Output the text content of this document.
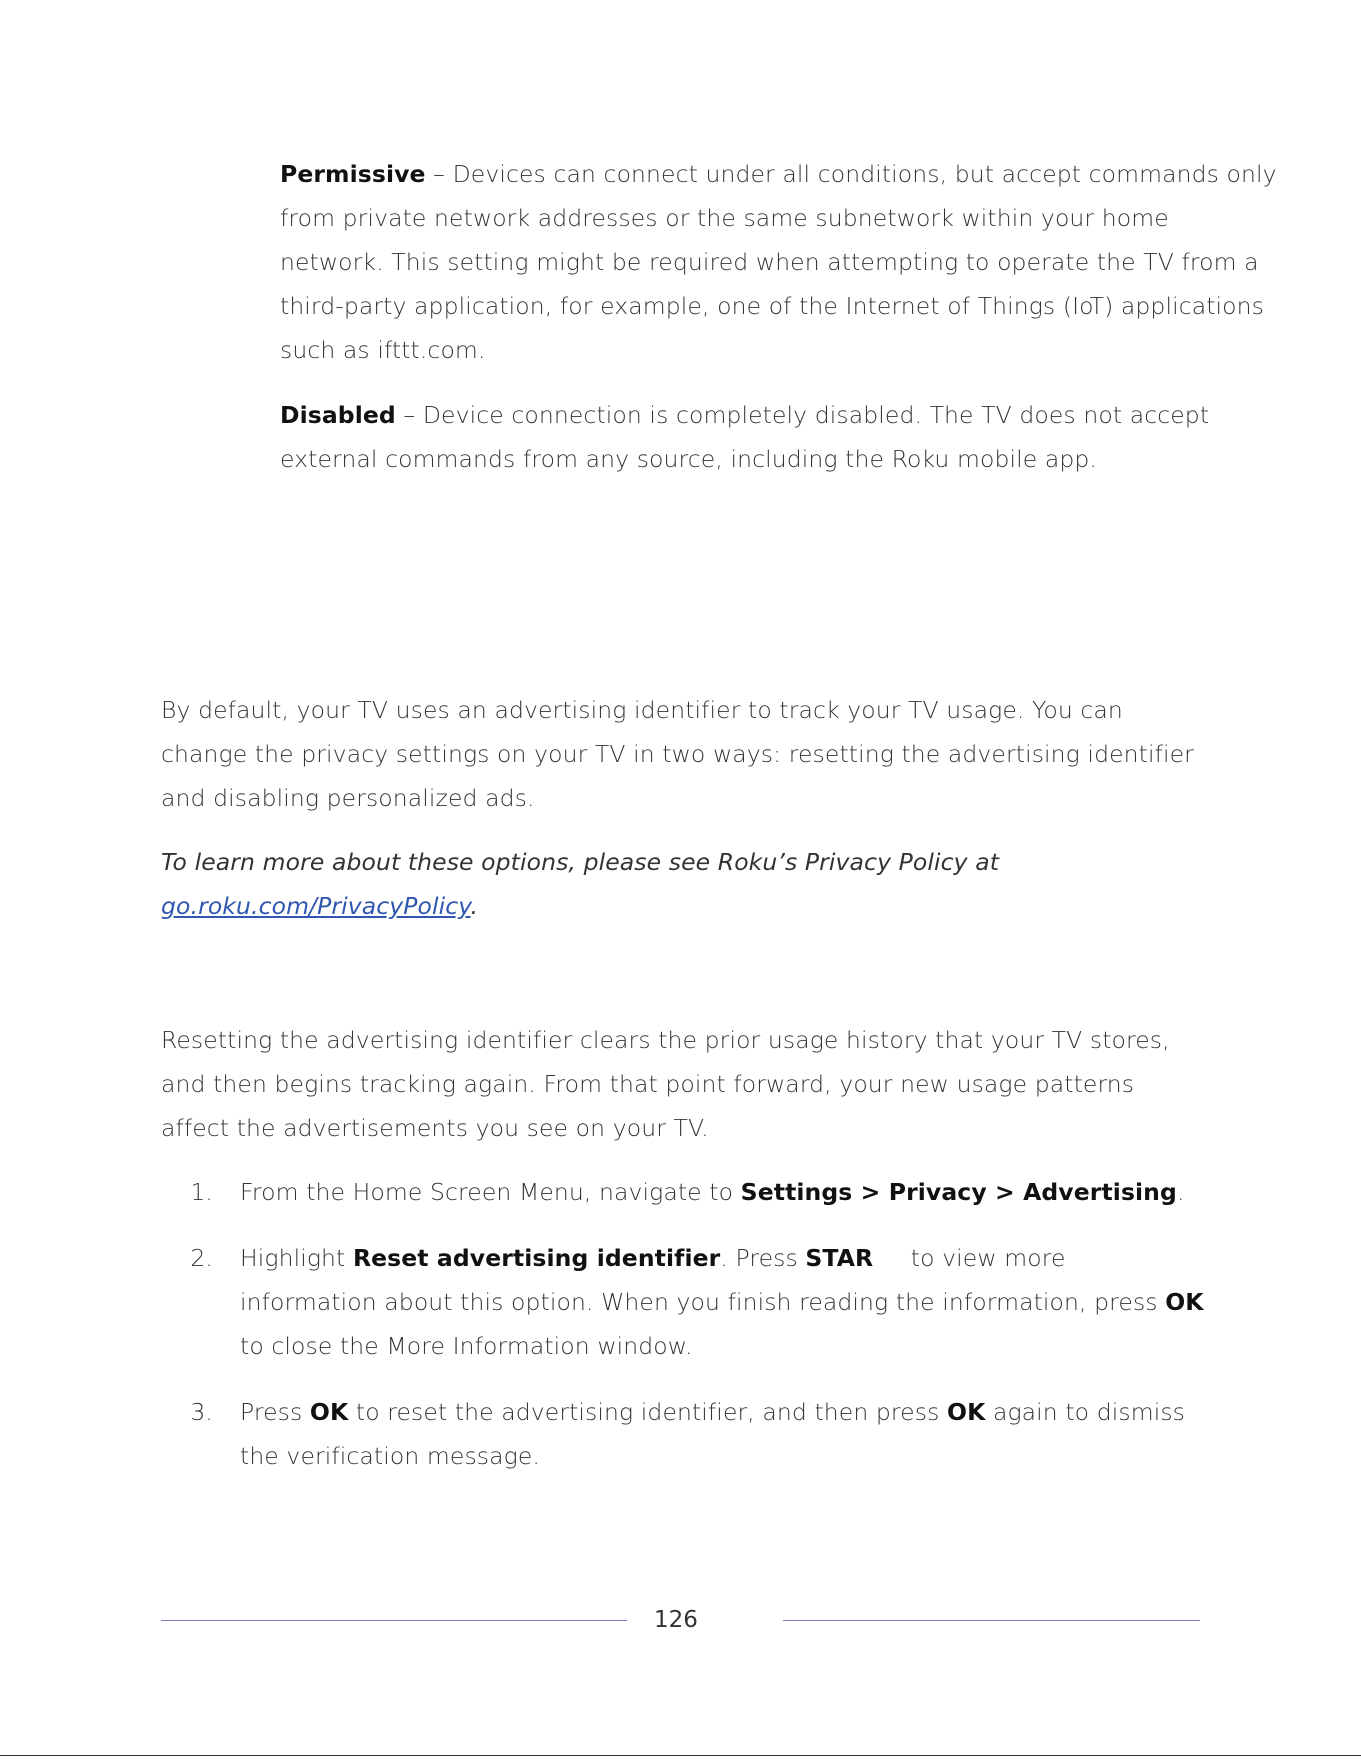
Permissive – Devices can connect under all conditions, but accept commands only from private network addresses or the same subnetwork within your home network. This setting might be required when attempting to operate the TV from a third-party application, for example, one of the Internet of Things (IoT) applications such as ifttt.com.

Disabled – Device connection is completely disabled. The TV does not accept external commands from any source, including the Roku mobile app.

By default, your TV uses an advertising identifier to track your TV usage. You can change the privacy settings on your TV in two ways: resetting the advertising identifier and disabling personalized ads.

To learn more about these options, please see Roku’s Privacy Policy at go.roku.com/PrivacyPolicy.

Resetting the advertising identifier clears the prior usage history that your TV stores, and then begins tracking again. From that point forward, your new usage patterns affect the advertisements you see on your TV.

1. From the Home Screen Menu, navigate to Settings > Privacy > Advertising.

2. Highlight Reset advertising identifier. Press STAR to view more information about this option. When you finish reading the information, press OK to close the More Information window.

3. Press OK to reset the advertising identifier, and then press OK again to dismiss the verification message.

126
